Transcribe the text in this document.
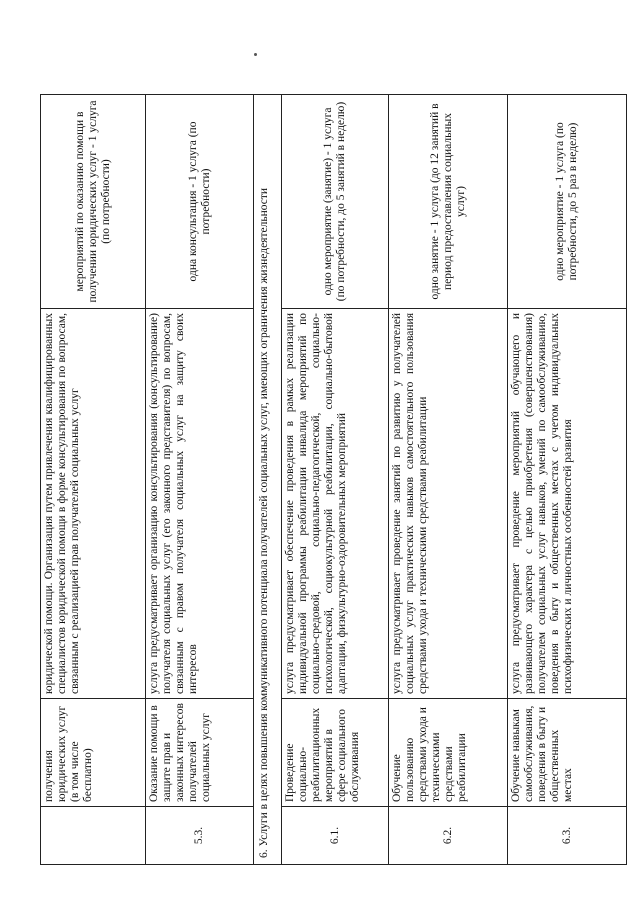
	получения юридических услуг (в том числе бесплатно)	юридической помощи. Организация путем привлечения квалифицированных специалистов юридической помощи в форме консультирования по вопросам, связанным с реализацией прав получателей социальных услуг	мероприятий по оказанию помощи в получении юридических услуг - 1 услуга (по потребности)
5.3.	Оказание помощи в защите прав и законных интересов получателей социальных услуг	услуга предусматривает организацию консультирования (консультирование) получателя социальных услуг (его законного представителя) по вопросам, связанным с правом получателя социальных услуг на защиту своих интересов	одна консультация - 1 услуга (по потребности)
6. Услуги в целях повышения коммуникативного потенциала получателей социальных услуг, имеющих ограничения жизнедеятельности			
6.1.	Проведение социально-реабилитационных мероприятий в сфере социального обслуживания	услуга предусматривает обеспечение проведения в рамках реализации индивидуальной программы реабилитации инвалида мероприятий по социально-средовой, социально-педагогической, социально-психологической, социокультурной реабилитации, социально-бытовой адаптации, физкультурно-оздоровительных мероприятий	одно мероприятие (занятие) - 1 услуга (по потребности, до 5 занятий в неделю)
6.2.	Обучение пользованию средствами ухода и техническими средствами реабилитации	услуга предусматривает проведение занятий по развитию у получателей социальных услуг практических навыков самостоятельного пользования средствами ухода и техническими средствами реабилитации	одно занятие - 1 услуга (до 12 занятий в период предоставления социальных услуг)
6.3.	Обучение навыкам самообслуживания, поведения в быту и общественных местах	услуга предусматривает проведение мероприятий обучающего и развивающего характера с целью приобретения (совершенствования) получателем социальных услуг навыков, умений по самообслуживанию, поведения в быту и общественных местах с учетом индивидуальных психофизических и личностных особенностей развития	одно мероприятие - 1 услуга (по потребности, до 5 раз в неделю)
